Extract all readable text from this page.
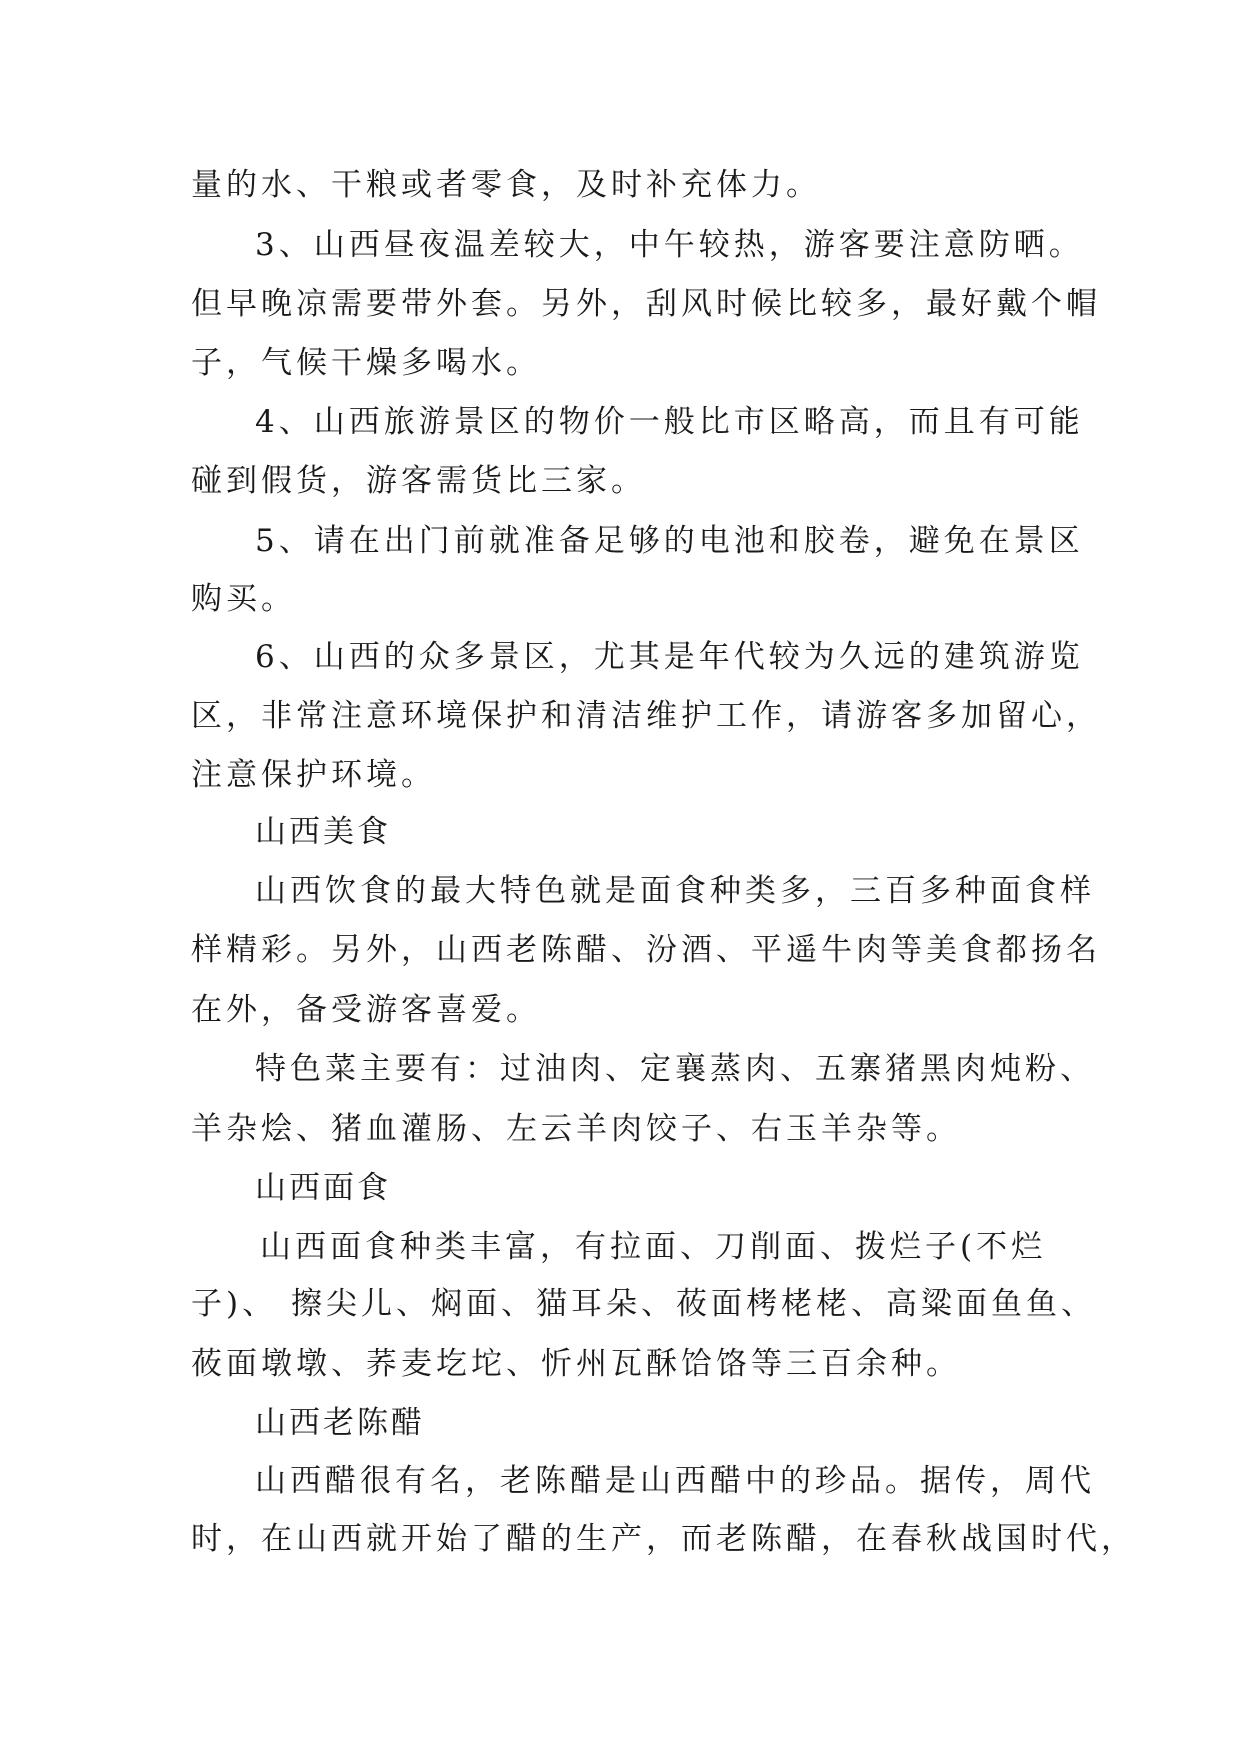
量的水、干粮或者零食，及时补充体力。

3、山西昼夜温差较大，中午较热，游客要注意防晒。

但早晚凉需要带外套。另外，刮风时候比较多，最好戴个帽

子，气候干燥多喝水。

4、山西旅游景区的物价一般比市区略高，而且有可能

碰到假货，游客需货比三家。

5、请在出门前就准备足够的电池和胶卷，避免在景区

购买。

6、山西的众多景区，尤其是年代较为久远的建筑游览

区，非常注意环境保护和清洁维护工作，请游客多加留心，

注意保护环境。

山西美食

山西饮食的最大特色就是面食种类多，三百多种面食样

样精彩。另外，山西老陈醋、汾酒、平遥牛肉等美食都扬名

在外，备受游客喜爱。

特色菜主要有：过油肉、定襄蒸肉、五寨猪黑肉炖粉、

羊杂烩、猪血灌肠、左云羊肉饺子、右玉羊杂等。

山西面食

山西面食种类丰富，有拉面、刀削面、拨烂子(不烂

子)、 擦尖儿、焖面、猫耳朵、莜面栲栳栳、高粱面鱼鱼、

莜面墩墩、荞麦圪坨、忻州瓦酥饸饹等三百余种。

山西老陈醋

山西醋很有名，老陈醋是山西醋中的珍品。据传，周代

时，在山西就开始了醋的生产，而老陈醋，在春秋战国时代，
